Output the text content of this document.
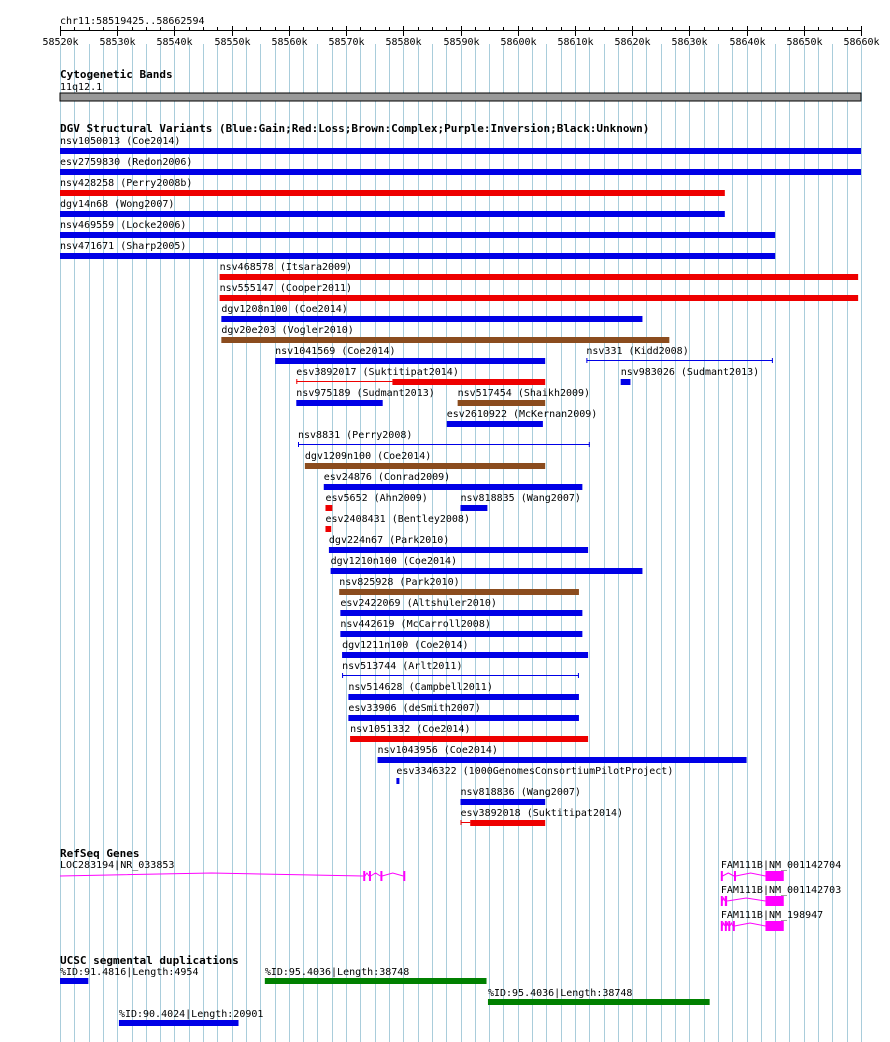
chr11:58519425..58662594
58520k 58530k 58540k 58550k 58560k 58570k 58580k 58590k 58600k 58610k 58620k 58630k 58640k 58650k 58660k
Cytogenetic Bands
11q12.1
DGV Structural Variants (Blue:Gain;Red:Loss;Brown:Complex;Purple:Inversion;Black:Unknown)
nsv1050013 (Coe2014)
esv2759830 (Redon2006)
nsv428258 (Perry2008b)
dgv14n68 (Wong2007)
nsv469559 (Locke2006)
nsv471671 (Sharp2005)
nsv468578 (Itsara2009)
nsv555147 (Cooper2011)
dgv1208n100 (Coe2014)
dgv20e203 (Vogler2010)
nsv1041569 (Coe2014)	nsv331 (Kidd2008)
esv3892017 (Suktitipat2014)	nsv983026 (Sudmant2013)
nsv975189 (Sudmant2013)
esv2610922 (McKernan2009)
nsv8831 (Perry2008)
dgv1209n100 (Coe2014)
esv24876 (Conrad2009)
esv5652 (Ahn2009)
nsv517454 (Shaikh2009)
esv2408431 (Bentley2008)
dgv224n67 (Park2010)
dgv1210n100 (Coe2014)
nsv825928 (Park2010)
esv2422069 (Altshuler2010)
nsv442619 (McCarroll2008)
dgv1211n100 (Coe2014)
nsv513744 (Arlt2011)
nsv514628 (Campbell2011)
esv33906 (deSmith2007)
nsv1051332 (Coe2014)
nsv1043956 (Coe2014)
esv3346322 (1000GenomesConsortiumPilotProject)
nsv818835 (Wang2007)
nsv818836 (Wang2007)
esv3892018 (Suktitipat2014)
RefSeq Genes
LOC283194|NR_033853	FAM111B|NM_001142704
FAM111B|NM_001142703
FAM111B|NM_198947
UCSC segmental duplications
%ID:91.4816|Length:4954	%ID:95.4036|Length:38748
%ID:95.4036|Length:38748
%ID:90.4024|Length:20901
